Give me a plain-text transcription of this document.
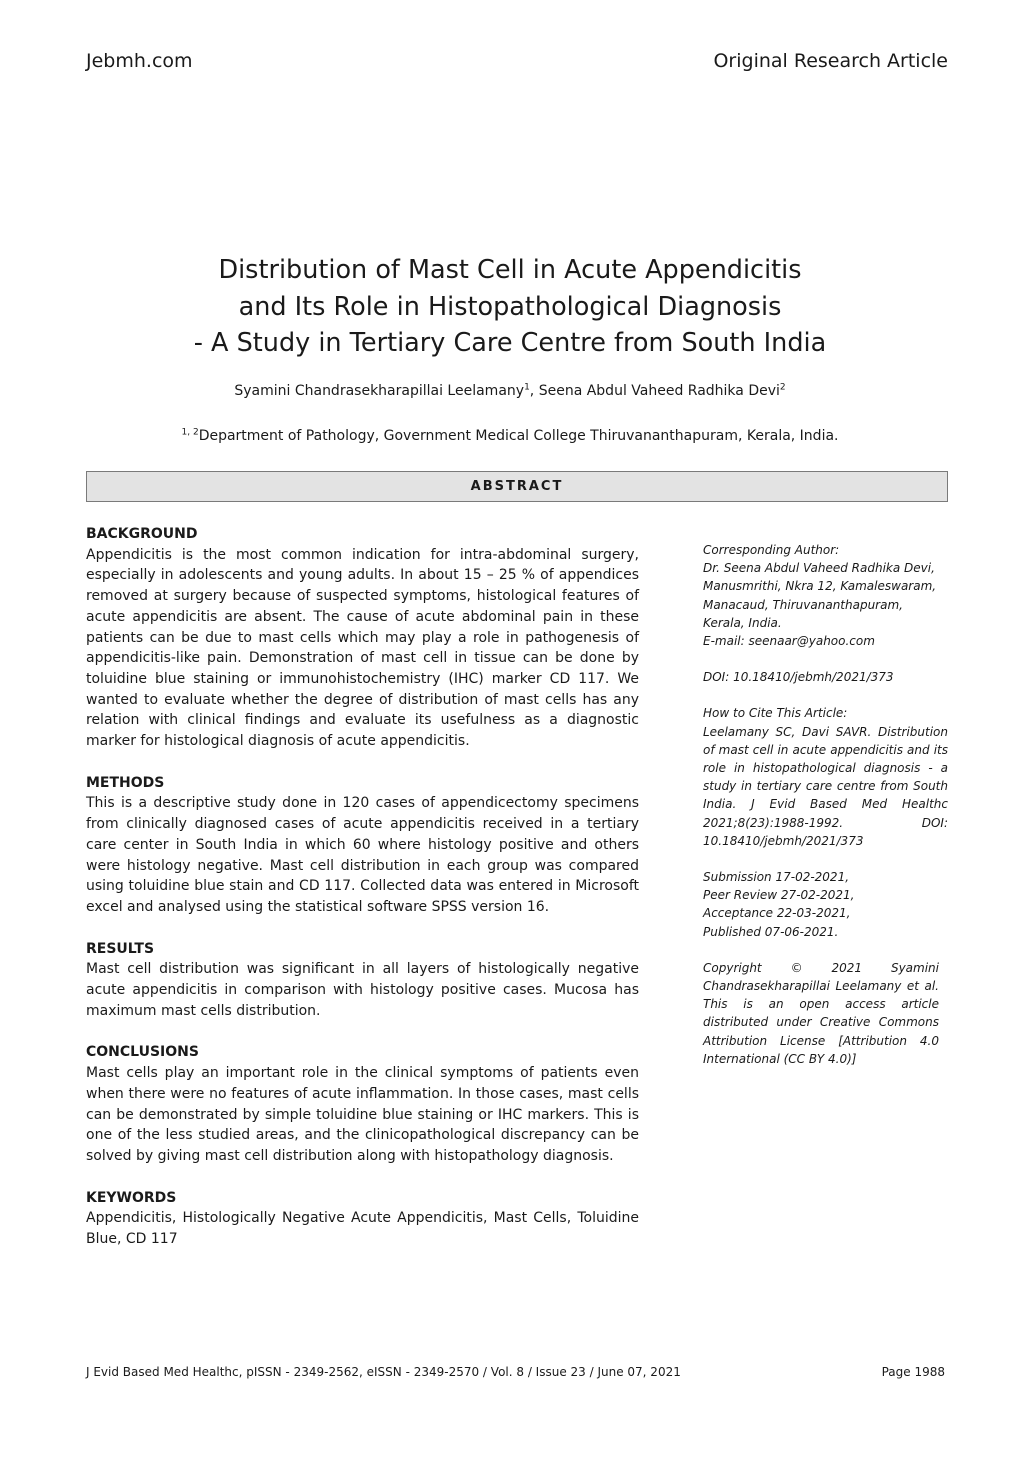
Jebmh.com	Original Research Article
Distribution of Mast Cell in Acute Appendicitis
and Its Role in Histopathological Diagnosis
- A Study in Tertiary Care Centre from South India
Syamini Chandrasekharapillai Leelamany$^1$, Seena Abdul Vaheed Radhika Devi$^2$
$^{1, 2}$Department of Pathology, Government Medical College Thiruvananthapuram, Kerala, India.
ABSTRACT

BACKGROUND

Appendicitis is the most common indication for intra-abdominal surgery, especially in adolescents and young adults. In about 15 – 25 % of appendices removed at surgery because of suspected symptoms, histological features of acute appendicitis are absent. The cause of acute abdominal pain in these patients can be due to mast cells which may play a role in pathogenesis of appendicitis-like pain. Demonstration of mast cell in tissue can be done by toluidine blue staining or immunohistochemistry (IHC) marker CD 117. We wanted to evaluate whether the degree of distribution of mast cells has any relation with clinical findings and evaluate its usefulness as a diagnostic marker for histological diagnosis of acute appendicitis.

METHODS

This is a descriptive study done in 120 cases of appendicectomy specimens from clinically diagnosed cases of acute appendicitis received in a tertiary care center in South India in which 60 where histology positive and others were histology negative. Mast cell distribution in each group was compared using toluidine blue stain and CD 117. Collected data was entered in Microsoft excel and analysed using the statistical software SPSS version 16.

RESULTS

Mast cell distribution was significant in all layers of histologically negative acute appendicitis in comparison with histology positive cases. Mucosa has maximum mast cells distribution.

CONCLUSIONS

Mast cells play an important role in the clinical symptoms of patients even when there were no features of acute inflammation. In those cases, mast cells can be demonstrated by simple toluidine blue staining or IHC markers. This is one of the less studied areas, and the clinicopathological discrepancy can be solved by giving mast cell distribution along with histopathology diagnosis.

KEYWORDS

Appendicitis, Histologically Negative Acute Appendicitis, Mast Cells, Toluidine Blue, CD 117

Corresponding Author:
Dr. Seena Abdul Vaheed Radhika Devi,
Manusmrithi, Nkra 12, Kamaleswaram,
Manacaud, Thiruvananthapuram,
Kerala, India.
E-mail: seenaar@yahoo.com
DOI: 10.18410/jebmh/2021/373
How to Cite This Article:
Leelamany SC, Davi SAVR. Distribution of mast cell in acute appendicitis and its role in histopathological diagnosis - a study in tertiary care centre from South India. J Evid Based Med Healthc 2021;8(23):1988-1992. DOI: 10.18410/jebmh/2021/373
Submission 17-02-2021,
Peer Review 27-02-2021,
Acceptance 22-03-2021,
Published 07-06-2021.
Copyright © 2021 Syamini Chandrasekharapillai Leelamany et al. This is an open access article distributed under Creative Commons Attribution License [Attribution 4.0 International (CC BY 4.0)]
J Evid Based Med Healthc, pISSN - 2349-2562, eISSN - 2349-2570 / Vol. 8 / Issue 23 / June 07, 2021	Page 1988
